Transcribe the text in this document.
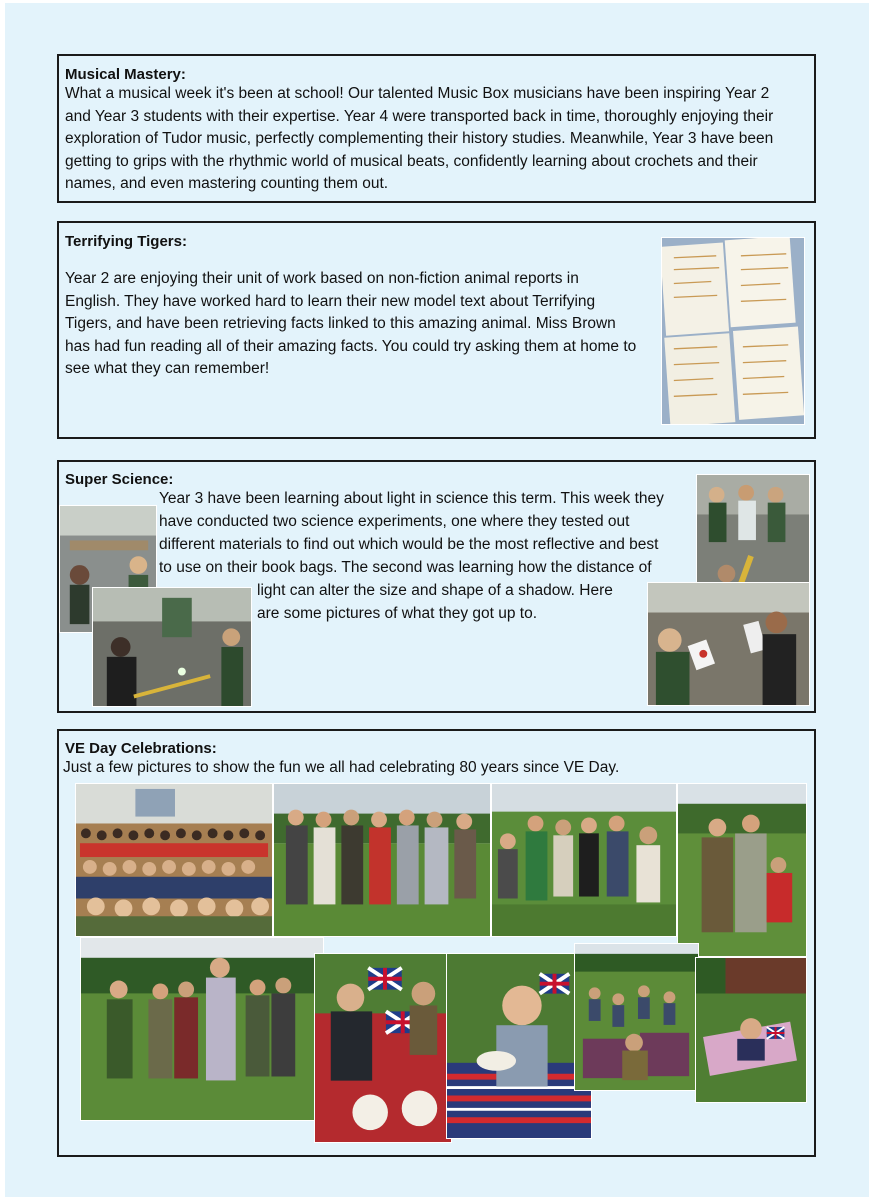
Musical Mastery:
What a musical week it's been at school! Our talented Music Box musicians have been inspiring Year 2
and Year 3 students with their expertise. Year 4 were transported back in time, thoroughly enjoying their
exploration of Tudor music, perfectly complementing their history studies. Meanwhile, Year 3 have been
getting to grips with the rhythmic world of musical beats, confidently learning about crochets and their
names, and even mastering counting them out.
Terrifying Tigers:
Year 2 are enjoying their unit of work based on non-fiction animal reports in
English. They have worked hard to learn their new model text about Terrifying
Tigers, and have been retrieving facts linked to this amazing animal. Miss Brown
has had fun reading all of their amazing facts. You could try asking them at home to
see what they can remember!
Super Science:
Year 3 have been learning about light in science this term. This week they
have conducted two science experiments, one where they tested out
different materials to find out which would be the most reflective and best
to use on their book bags. The second was learning how the distance of
light can alter the size and shape of a shadow. Here
are some pictures of what they got up to.
VE Day Celebrations:
Just a few pictures to show the fun we all had celebrating 80 years since VE Day.
